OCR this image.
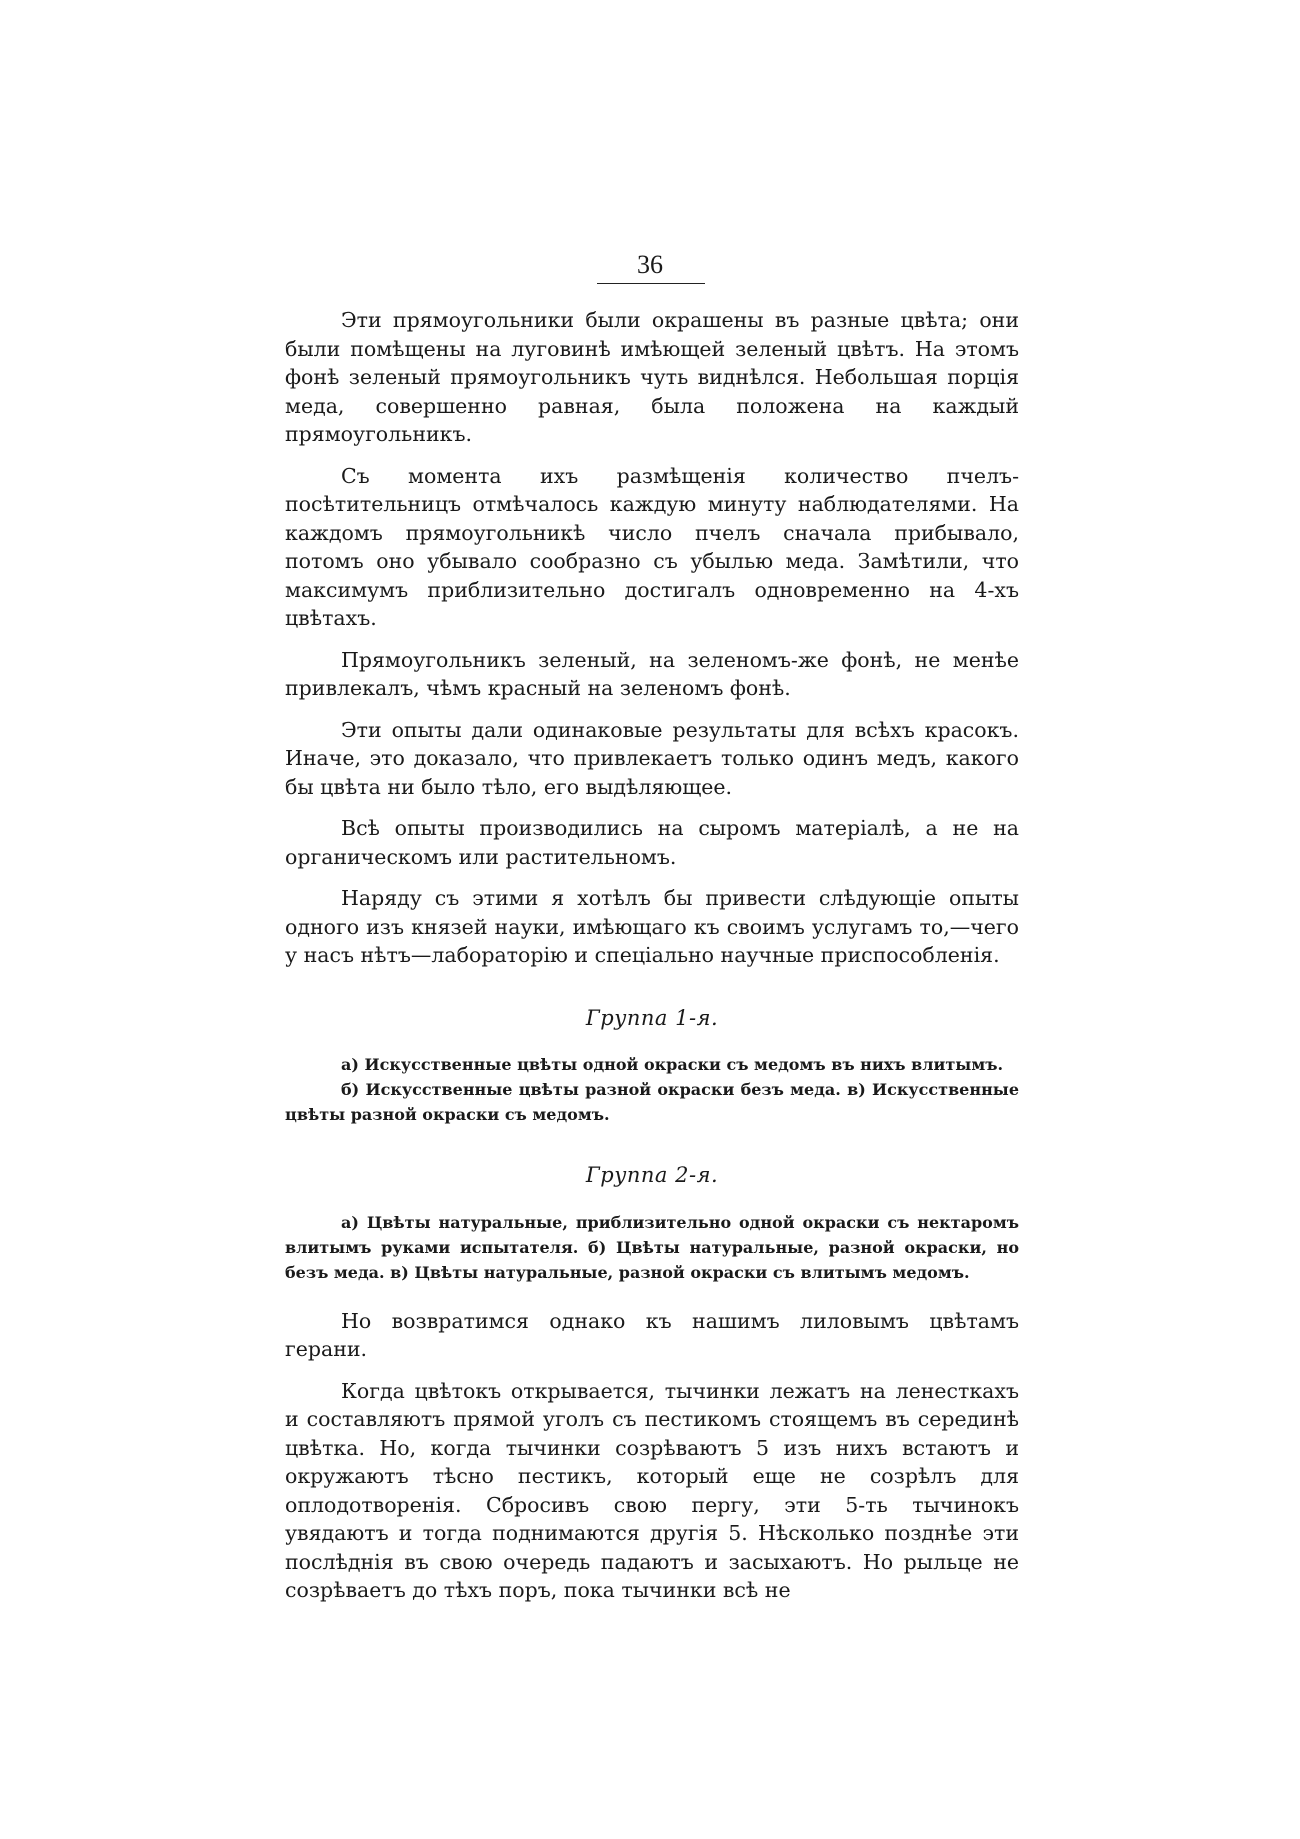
36

Эти прямоугольники были окрашены въ разные цвѣта; они были помѣщены на луговинѣ имѣющей зеленый цвѣтъ. На этомъ фонѣ зеленый прямоугольникъ чуть виднѣлся. Небольшая порція меда, совершенно равная, была положена на каждый прямоугольникъ.

Съ момента ихъ размѣщенія количество пчелъ-посѣтительницъ отмѣчалось каждую минуту наблюдателями. На каждомъ прямоугольникѣ число пчелъ сначала прибывало, потомъ оно убывало сообразно съ убылью меда. Замѣтили, что максимумъ приблизительно достигалъ одновременно на 4-хъ цвѣтахъ.

Прямоугольникъ зеленый, на зеленомъ-же фонѣ, не менѣе привлекалъ, чѣмъ красный на зеленомъ фонѣ.

Эти опыты дали одинаковые результаты для всѣхъ красокъ. Иначе, это доказало, что привлекаетъ только одинъ медъ, какого бы цвѣта ни было тѣло, его выдѣляющее.

Всѣ опыты производились на сыромъ матеріалѣ, а не на органическомъ или растительномъ.

Наряду съ этими я хотѣлъ бы привести слѣдующіе опыты одного изъ князей науки, имѣющаго къ своимъ услугамъ то,—чего у насъ нѣтъ—лабораторію и спеціально научные приспособленія.

Группа 1-я.

а) Искусственные цвѣты одной окраски съ медомъ въ нихъ влитымъ.

б) Искусственные цвѣты разной окраски безъ меда. в) Искусственные цвѣты разной окраски съ медомъ.

Группа 2-я.

а) Цвѣты натуральные, приблизительно одной окраски съ нектаромъ влитымъ руками испытателя. б) Цвѣты натуральные, разной окраски, но безъ меда. в) Цвѣты натуральные, разной окраски съ влитымъ медомъ.

Но возвратимся однако къ нашимъ лиловымъ цвѣтамъ герани.

Когда цвѣтокъ открывается, тычинки лежатъ на ленесткахъ и составляютъ прямой уголъ съ пестикомъ стоящемъ въ серединѣ цвѣтка. Но, когда тычинки созрѣваютъ 5 изъ нихъ встаютъ и окружаютъ тѣсно пестикъ, который еще не созрѣлъ для оплодотворенія. Сбросивъ свою пергу, эти 5-ть тычинокъ увядаютъ и тогда поднимаются другія 5. Нѣсколько позднѣе эти послѣднія въ свою очередь падаютъ и засыхаютъ. Но рыльце не созрѣваетъ до тѣхъ поръ, пока тычинки всѣ не
